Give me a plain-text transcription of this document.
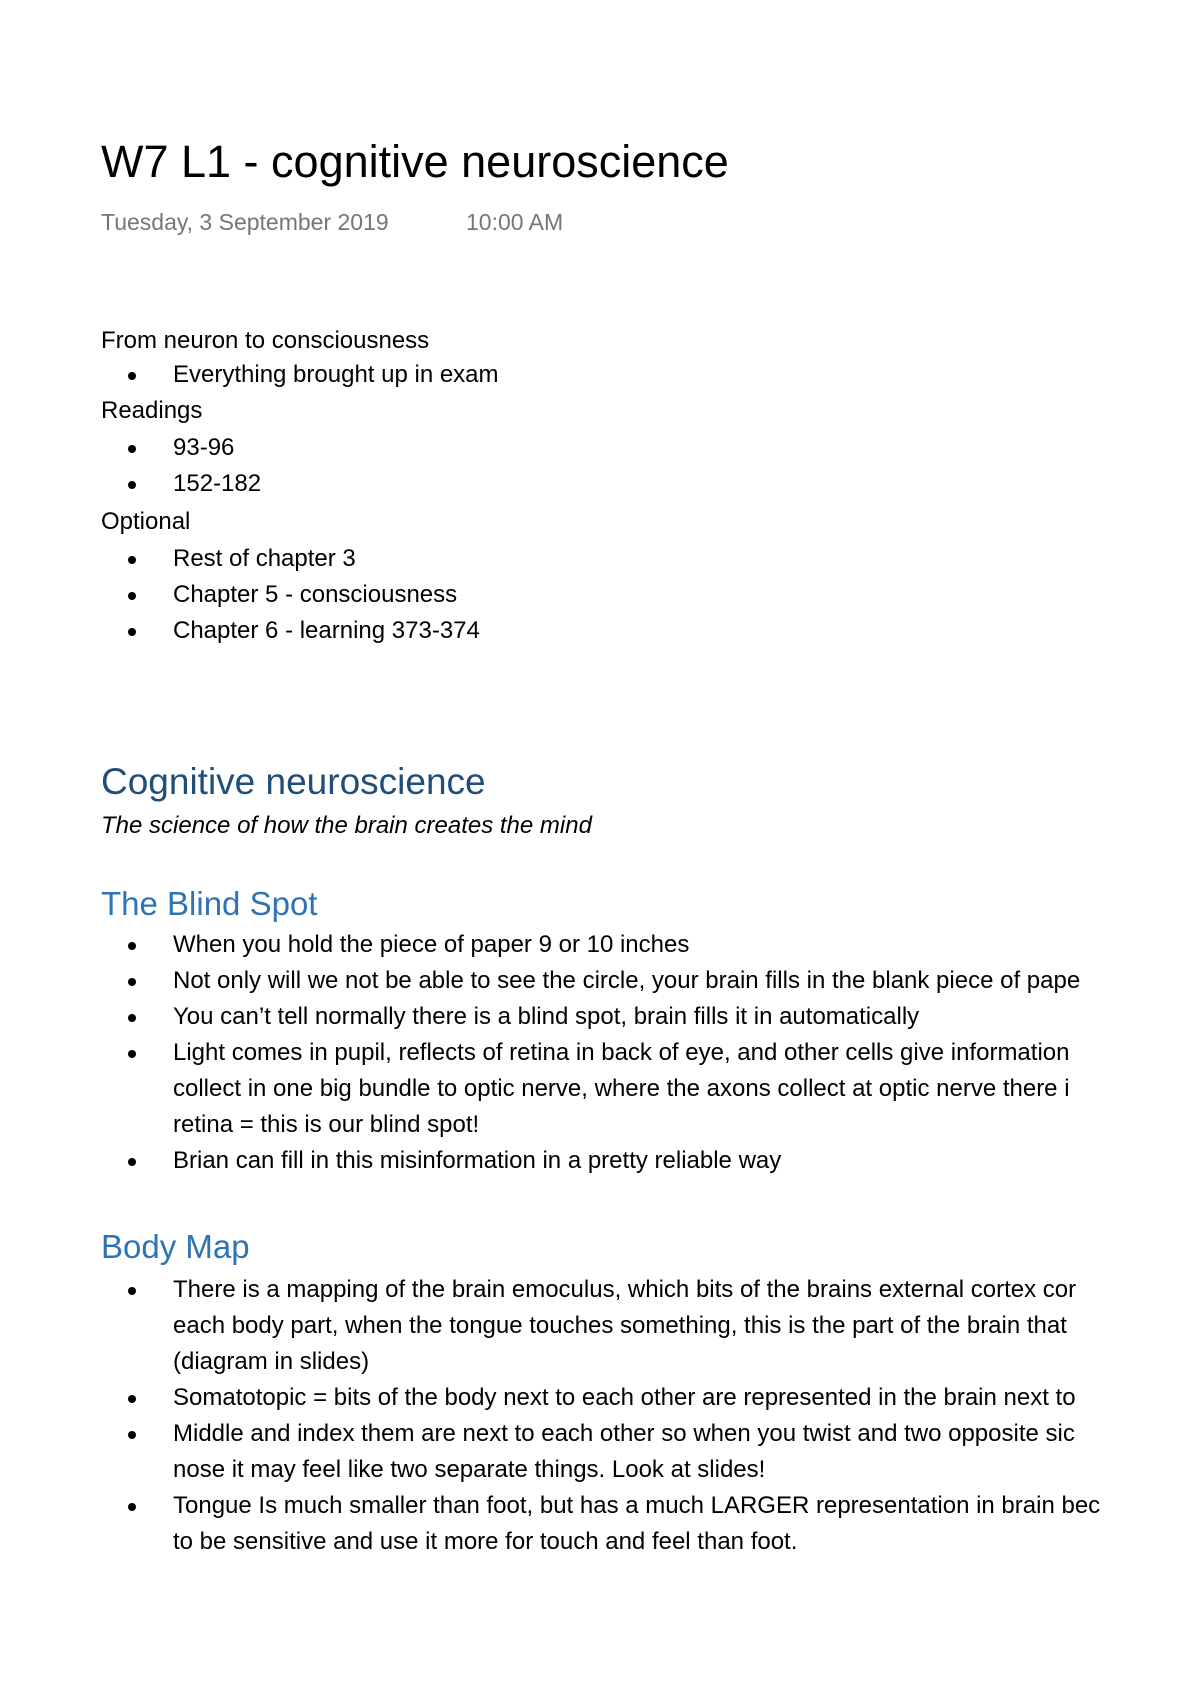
W7 L1 - cognitive neuroscience
Tuesday, 3 September 2019	10:00 AM
From neuron to consciousness
Everything brought up in exam
Readings
93-96
152-182
Optional
Rest of chapter 3
Chapter 5 - consciousness
Chapter 6 - learning 373-374
Cognitive neuroscience
The science of how the brain creates the mind
The Blind Spot
When you hold the piece of paper 9 or 10 inches
Not only will we not be able to see the circle, your brain fills in the blank piece of pape
You can’t tell normally there is a blind spot, brain fills it in automatically
Light comes in pupil, reflects of retina in back of eye, and other cells give information
collect in one big bundle to optic nerve, where the axons collect at optic nerve there i
retina = this is our blind spot!
Brian can fill in this misinformation in a pretty reliable way
Body Map
There is a mapping of the brain emoculus, which bits of the brains external cortex cor
each body part, when the tongue touches something, this is the part of the brain that
(diagram in slides)
Somatotopic = bits of the body next to each other are represented in the brain next to
Middle and index them are next to each other so when you twist and two opposite sic
nose it may feel like two separate things. Look at slides!
Tongue Is much smaller than foot, but has a much LARGER representation in brain bec
to be sensitive and use it more for touch and feel than foot.
